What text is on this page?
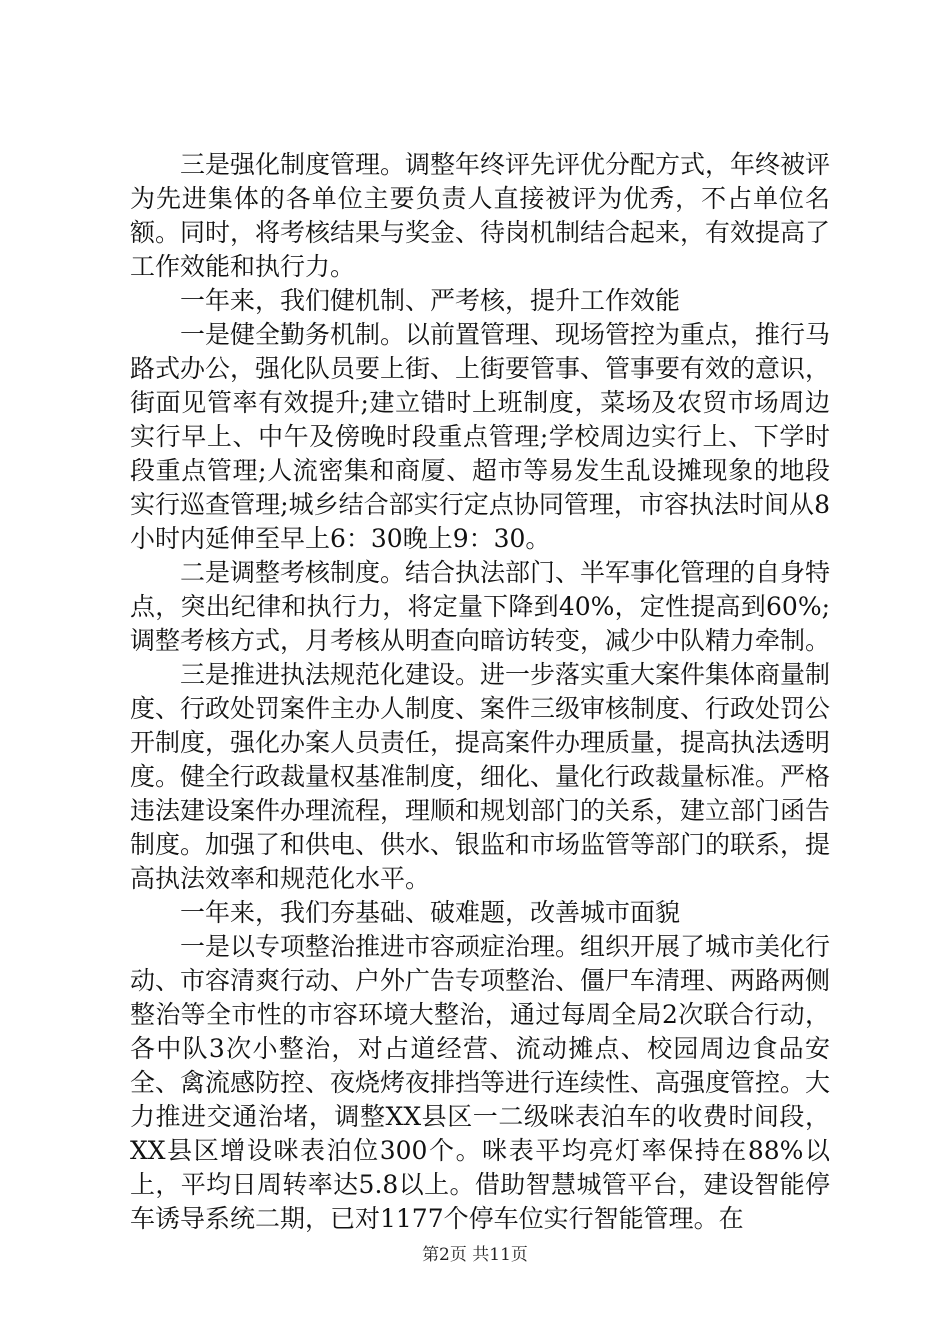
三是强化制度管理。调整年终评先评优分配方式，年终被评为先进集体的各单位主要负责人直接被评为优秀，不占单位名额。同时，将考核结果与奖金、待岗机制结合起来，有效提高了工作效能和执行力。

一年来，我们健机制、严考核，提升工作效能

一是健全勤务机制。以前置管理、现场管控为重点，推行马路式办公，强化队员要上街、上街要管事、管事要有效的意识，街面见管率有效提升;建立错时上班制度，菜场及农贸市场周边实行早上、中午及傍晚时段重点管理;学校周边实行上、下学时段重点管理;人流密集和商厦、超市等易发生乱设摊现象的地段实行巡查管理;城乡结合部实行定点协同管理，市容执法时间从8小时内延伸至早上6：30晚上9：30。

二是调整考核制度。结合执法部门、半军事化管理的自身特点，突出纪律和执行力，将定量下降到40%，定性提高到60%;调整考核方式，月考核从明查向暗访转变，减少中队精力牵制。

三是推进执法规范化建设。进一步落实重大案件集体商量制度、行政处罚案件主办人制度、案件三级审核制度、行政处罚公开制度，强化办案人员责任，提高案件办理质量，提高执法透明度。健全行政裁量权基准制度，细化、量化行政裁量标准。严格违法建设案件办理流程，理顺和规划部门的关系，建立部门函告制度。加强了和供电、供水、银监和市场监管等部门的联系，提高执法效率和规范化水平。

一年来，我们夯基础、破难题，改善城市面貌

一是以专项整治推进市容顽症治理。组织开展了城市美化行动、市容清爽行动、户外广告专项整治、僵尸车清理、两路两侧整治等全市性的市容环境大整治，通过每周全局2次联合行动，各中队3次小整治，对占道经营、流动摊点、校园周边食品安全、禽流感防控、夜烧烤夜排挡等进行连续性、高强度管控。大力推进交通治堵，调整XX县区一二级咪表泊车的收费时间段，XX县区增设咪表泊位300个。咪表平均亮灯率保持在88%以上，平均日周转率达5.8以上。借助智慧城管平台，建设智能停车诱导系统二期，已对1177个停车位实行智能管理。在

第2页 共11页
